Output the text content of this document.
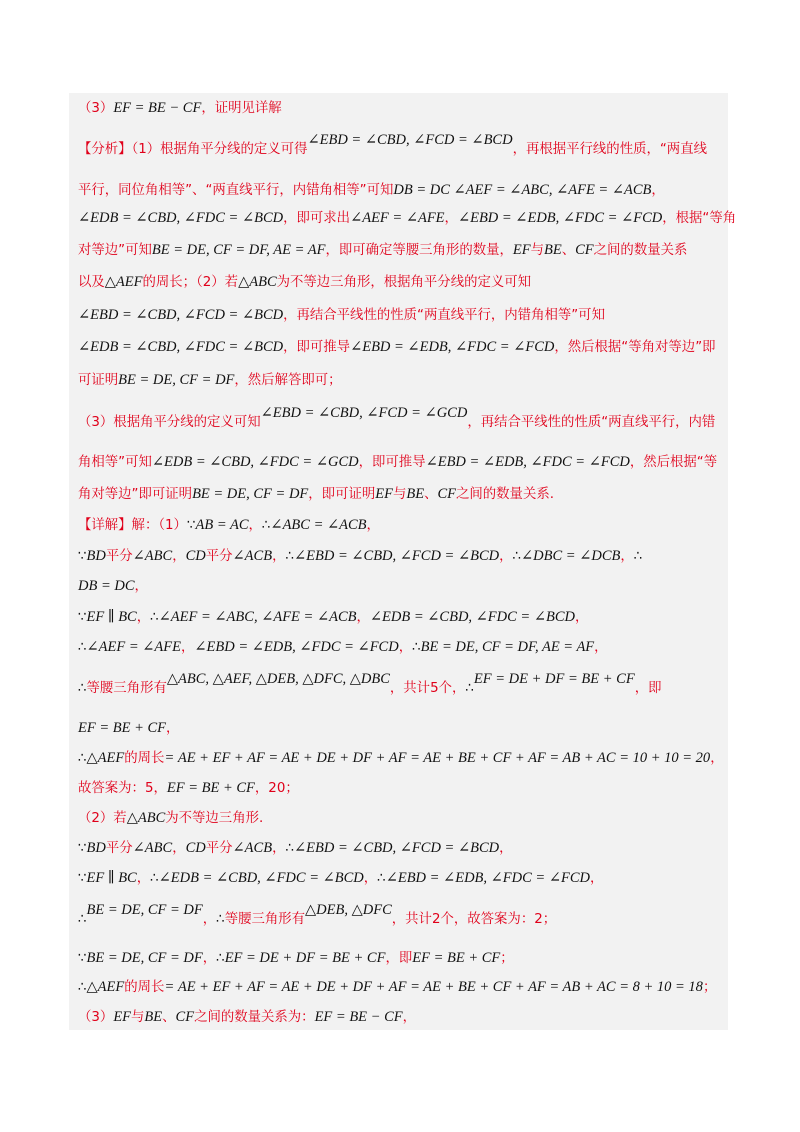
（3）EF = BE − CF，证明见详解
【分析】（1）根据角平分线的定义可得∠EBD = ∠CBD, ∠FCD = ∠BCD，再根据平行线的性质，“两直线
平行，同位角相等”、“两直线平行，内错角相等”可知DB = DC ∠AEF = ∠ABC, ∠AFE = ∠ACB，
∠EDB = ∠CBD, ∠FDC = ∠BCD，即可求出∠AEF = ∠AFE，∠EBD = ∠EDB, ∠FDC = ∠FCD，根据“等角
对等边”可知BE = DE, CF = DF, AE = AF，即可确定等腰三角形的数量，EF与BE、CF之间的数量关系
以及△AEF的周长；（2）若△ABC为不等边三角形，根据角平分线的定义可知
∠EBD = ∠CBD, ∠FCD = ∠BCD，再结合平线性的性质“两直线平行，内错角相等”可知
∠EDB = ∠CBD, ∠FDC = ∠BCD，即可推导∠EBD = ∠EDB, ∠FDC = ∠FCD，然后根据“等角对等边”即
可证明BE = DE, CF = DF，然后解答即可；
（3）根据角平分线的定义可知∠EBD = ∠CBD, ∠FCD = ∠GCD，再结合平线性的性质“两直线平行，内错
角相等”可知∠EDB = ∠CBD, ∠FDC = ∠GCD，即可推导∠EBD = ∠EDB, ∠FDC = ∠FCD，然后根据“等
角对等边”即可证明BE = DE, CF = DF，即可证明EF与BE、CF之间的数量关系.
【详解】解：（1）∵AB = AC，∴∠ABC = ∠ACB，
∵BD平分∠ABC，CD平分∠ACB，∴∠EBD = ∠CBD, ∠FCD = ∠BCD，∴∠DBC = ∠DCB，∴
DB = DC，
∵EF ∥ BC，∴∠AEF = ∠ABC, ∠AFE = ∠ACB，∠EDB = ∠CBD, ∠FDC = ∠BCD，
∴∠AEF = ∠AFE，∠EBD = ∠EDB, ∠FDC = ∠FCD，∴BE = DE, CF = DF, AE = AF，
∴等腰三角形有△ABC, △AEF, △DEB, △DFC, △DBC，共计5个，∴EF = DE + DF = BE + CF，即
EF = BE + CF，
∴△AEF的周长= AE + EF + AF = AE + DE + DF + AF = AE + BE + CF + AF = AB + AC = 10 + 10 = 20，
故答案为：5，EF = BE + CF，20；
（2）若△ABC为不等边三角形.
∵BD平分∠ABC，CD平分∠ACB，∴∠EBD = ∠CBD, ∠FCD = ∠BCD，
∵EF ∥ BC，∴∠EDB = ∠CBD, ∠FDC = ∠BCD，∴∠EBD = ∠EDB, ∠FDC = ∠FCD，
∴BE = DE, CF = DF，∴等腰三角形有△DEB, △DFC，共计2个，故答案为：2；
∵BE = DE, CF = DF，∴EF = DE + DF = BE + CF，即EF = BE + CF；
∴△AEF的周长= AE + EF + AF = AE + DE + DF + AF = AE + BE + CF + AF = AB + AC = 8 + 10 = 18；
（3）EF与BE、CF之间的数量关系为：EF = BE − CF，
